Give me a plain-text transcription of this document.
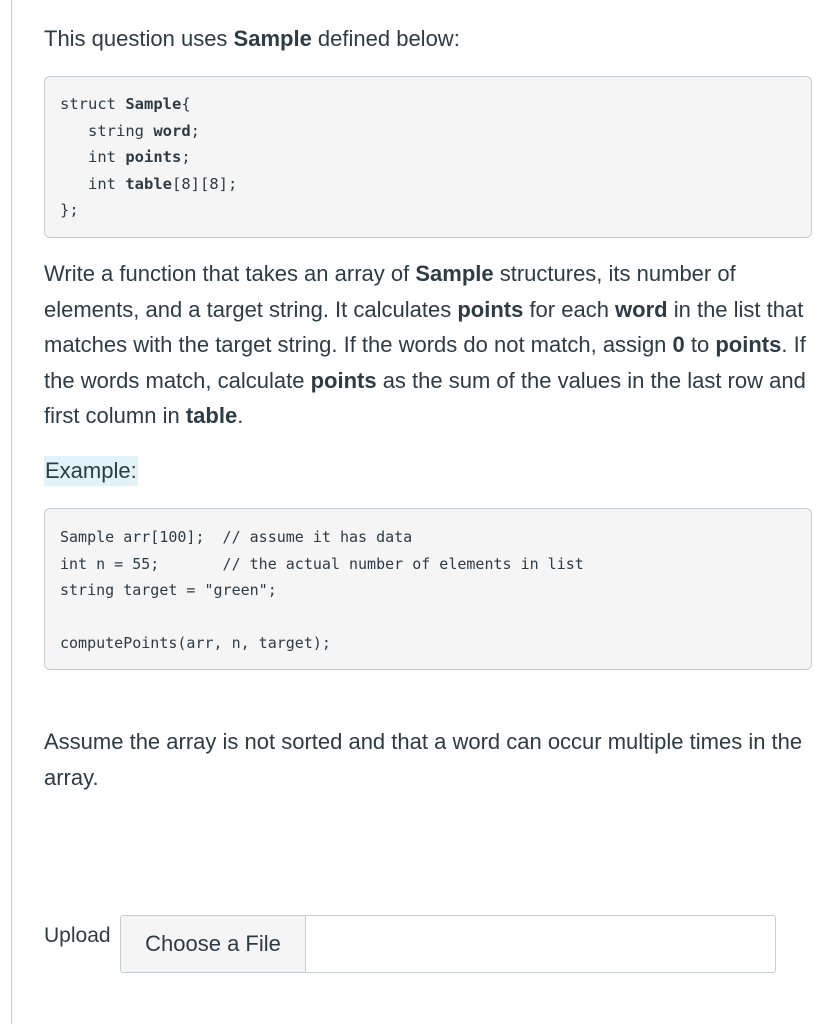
This question uses Sample defined below:
struct Sample{
string word;
int points;
int table[8][8];
};
Write a function that takes an array of Sample structures, its number of elements, and a target string. It calculates points for each word in the list that matches with the target string. If the words do not match, assign 0 to points. If the words match, calculate points as the sum of the values in the last row and first column in table.
Example:
Sample arr[100];  // assume it has data
int n = 55;       // the actual number of elements in list
string target = "green";
computePoints(arr, n, target);
Assume the array is not sorted and that a word can occur multiple times in the array.
Upload	Choose a File
